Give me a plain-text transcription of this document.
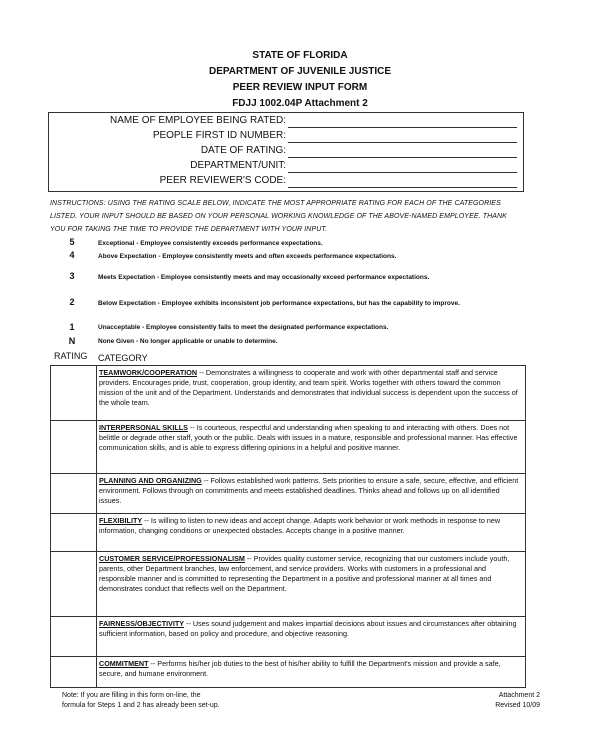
STATE OF FLORIDA
DEPARTMENT OF JUVENILE JUSTICE
PEER REVIEW INPUT FORM
FDJJ 1002.04P Attachment 2
NAME OF EMPLOYEE BEING RATED:
PEOPLE FIRST ID NUMBER:
DATE OF RATING:
DEPARTMENT/UNIT:
PEER REVIEWER'S CODE:
INSTRUCTIONS: USING THE RATING SCALE BELOW, INDICATE THE MOST APPROPRIATE RATING FOR EACH OF THE CATEGORIES LISTED. YOUR INPUT SHOULD BE BASED ON YOUR PERSONAL WORKING KNOWLEDGE OF THE ABOVE-NAMED EMPLOYEE. THANK YOU FOR TAKING THE TIME TO PROVIDE THE DEPARTMENT WITH YOUR INPUT.
5	Exceptional - Employee consistently exceeds performance expectations.
4	Above Expectation - Employee consistently meets and often exceeds performance expectations.
3	Meets Expectation - Employee consistently meets and may occasionally exceed performance expectations.
2	Below Expectation - Employee exhibits inconsistent job performance expectations, but has the capability to improve.
1	Unacceptable - Employee consistently fails to meet the designated performance expectations.
N	None Given - No longer applicable or unable to determine.
RATING CATEGORY
TEAMWORK/COOPERATION -- Demonstrates a willingness to cooperate and work with other departmental staff and service providers. Encourages pride, trust, cooperation, group identity, and team spirit. Works together with others toward the common mission of the unit and of the Department. Understands and demonstrates that individual success is dependent upon the success of the whole team.
INTERPERSONAL SKILLS -- Is courteous, respectful and understanding when speaking to and interacting with others. Does not belittle or degrade other staff, youth or the public. Deals with issues in a mature, responsible and professional manner. Has effective communication skills, and is able to express differing opinions in a helpful and positive manner.
PLANNING AND ORGANIZING -- Follows established work patterns. Sets priorities to ensure a safe, secure, effective, and efficient environment. Follows through on commitments and meets established deadlines. Thinks ahead and follows up on all identified issues.
FLEXIBILITY -- Is willing to listen to new ideas and accept change. Adapts work behavior or work methods in response to new information, changing conditions or unexpected obstacles. Accepts change in a positive manner.
CUSTOMER SERVICE/PROFESSIONALISM -- Provides quality customer service, recognizing that our customers include youth, parents, other Department branches, law enforcement, and service providers. Works with customers in a professional and responsible manner and is committed to representing the Department in a positive and professional manner at all times and demonstrates conduct that reflects well on the Department.
FAIRNESS/OBJECTIVITY -- Uses sound judgement and makes impartial decisions about issues and circumstances after obtaining sufficient information, based on policy and procedure, and objective reasoning.
COMMITMENT -- Performs his/her job duties to the best of his/her ability to fulfill the Department's mission and provide a safe, secure, and humane environment.
Note: If you are filling in this form on-line, the
formula for Steps 1 and 2 has already been set-up.
Attachment 2
Revised 10/09
